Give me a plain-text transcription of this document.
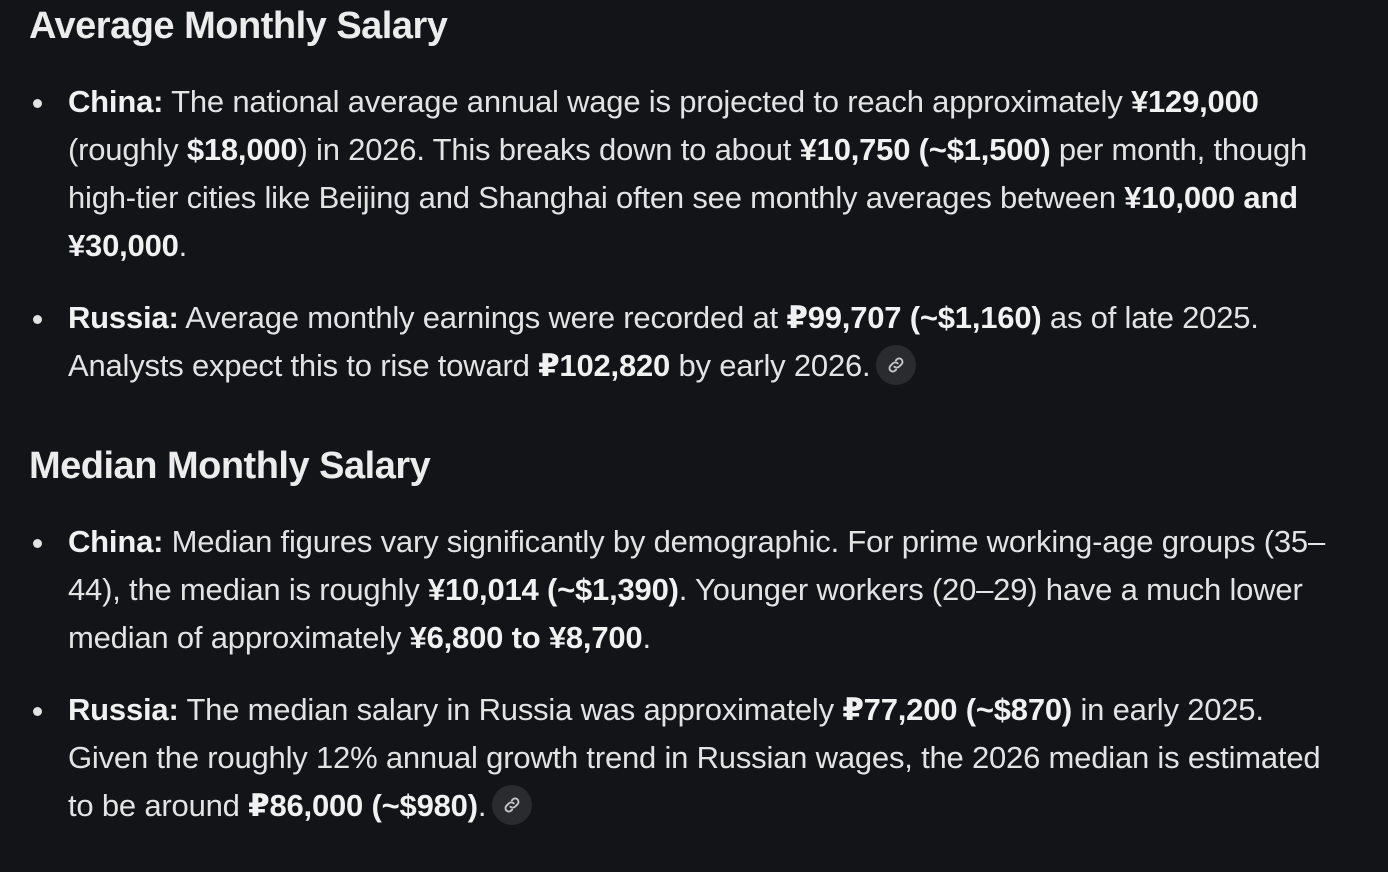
Average Monthly Salary
China: The national average annual wage is projected to reach approximately ¥129,000 (roughly $18,000) in 2026. This breaks down to about ¥10,750 (~$1,500) per month, though high-tier cities like Beijing and Shanghai often see monthly averages between ¥10,000 and ¥30,000.
Russia: Average monthly earnings were recorded at ₽99,707 (~$1,160) as of late 2025. Analysts expect this to rise toward ₽102,820 by early 2026.
Median Monthly Salary
China: Median figures vary significantly by demographic. For prime working-age groups (35–44), the median is roughly ¥10,014 (~$1,390). Younger workers (20–29) have a much lower median of approximately ¥6,800 to ¥8,700.
Russia: The median salary in Russia was approximately ₽77,200 (~$870) in early 2025. Given the roughly 12% annual growth trend in Russian wages, the 2026 median is estimated to be around ₽86,000 (~$980).
